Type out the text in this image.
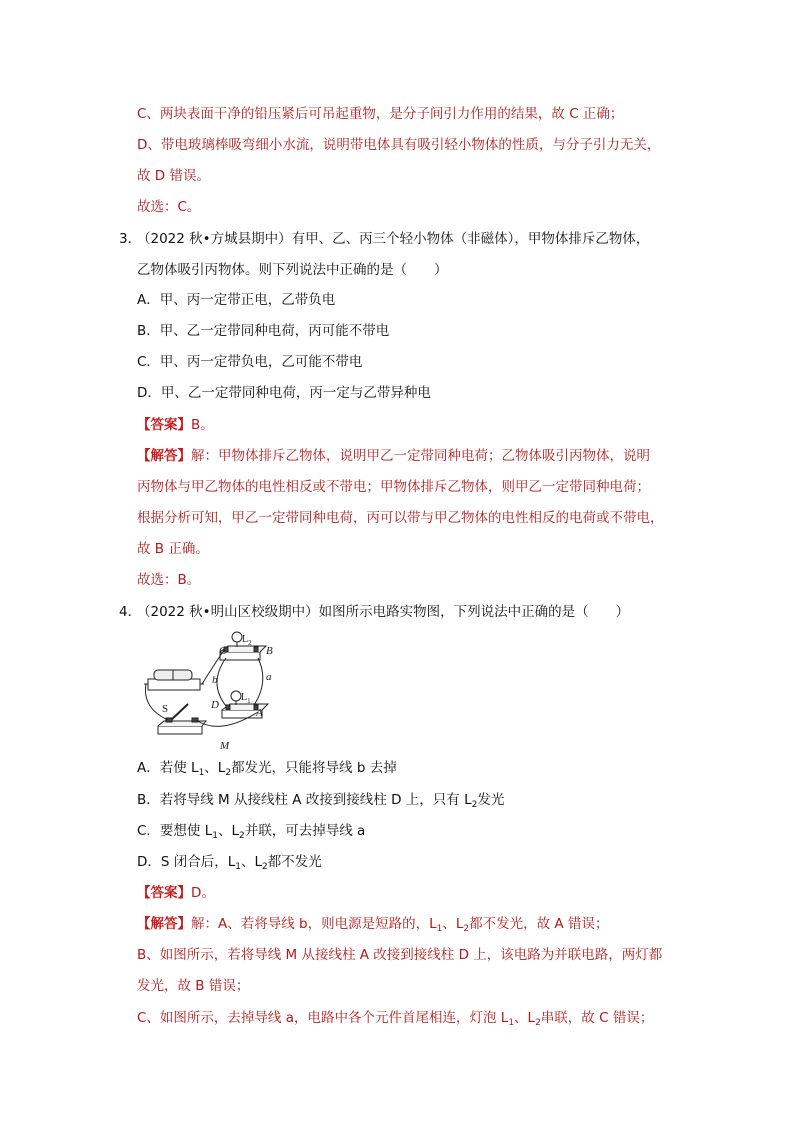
C、两块表面干净的铅压紧后可吊起重物，是分子间引力作用的结果，故 C 正确；
D、带电玻璃棒吸弯细小水流，说明带电体具有吸引轻小物体的性质，与分子引力无关，
故 D 错误。
故选：C。
3．
（2022 秋•方城县期中）有甲、乙、丙三个轻小物体（非磁体），甲物体排斥乙物体，
乙物体吸引丙物体。则下列说法中正确的是（　　）
A．甲、丙一定带正电，乙带负电
B．甲、乙一定带同种电荷，丙可能不带电
C．甲、丙一定带负电，乙可能不带电
D．甲、乙一定带同种电荷，丙一定与乙带异种电
【答案】B。
【解答】解：甲物体排斥乙物体，说明甲乙一定带同种电荷；乙物体吸引丙物体，说明
丙物体与甲乙物体的电性相反或不带电；甲物体排斥乙物体，则甲乙一定带同种电荷；
根据分析可知，甲乙一定带同种电荷，丙可以带与甲乙物体的电性相反的电荷或不带电，
故 B 正确。
故选：B。
4．
（2022 秋•明山区校级期中）如图所示电路实物图，下列说法中正确的是（　　）
C	B
$L_2$
b	a
D
A
$L_1$
S
M
A．若使 $L_1$、$L_2$都发光，只能将导线 b 去掉
B．若将导线 M 从接线柱 A 改接到接线柱 D 上，只有 $L_2$发光
C．要想使 $L_1$、$L_2$并联，可去掉导线 a
D．S 闭合后，$L_1$、$L_2$都不发光
【答案】D。
【解答】解：A、若将导线 b，则电源是短路的，$L_1$、$L_2$都不发光，故 A 错误；
B、如图所示，若将导线 M 从接线柱 A 改接到接线柱 D 上，该电路为并联电路，两灯都
发光，故 B 错误；
C、如图所示，去掉导线 a，电路中各个元件首尾相连，灯泡 $L_1$、$L_2$串联，故 C 错误；
